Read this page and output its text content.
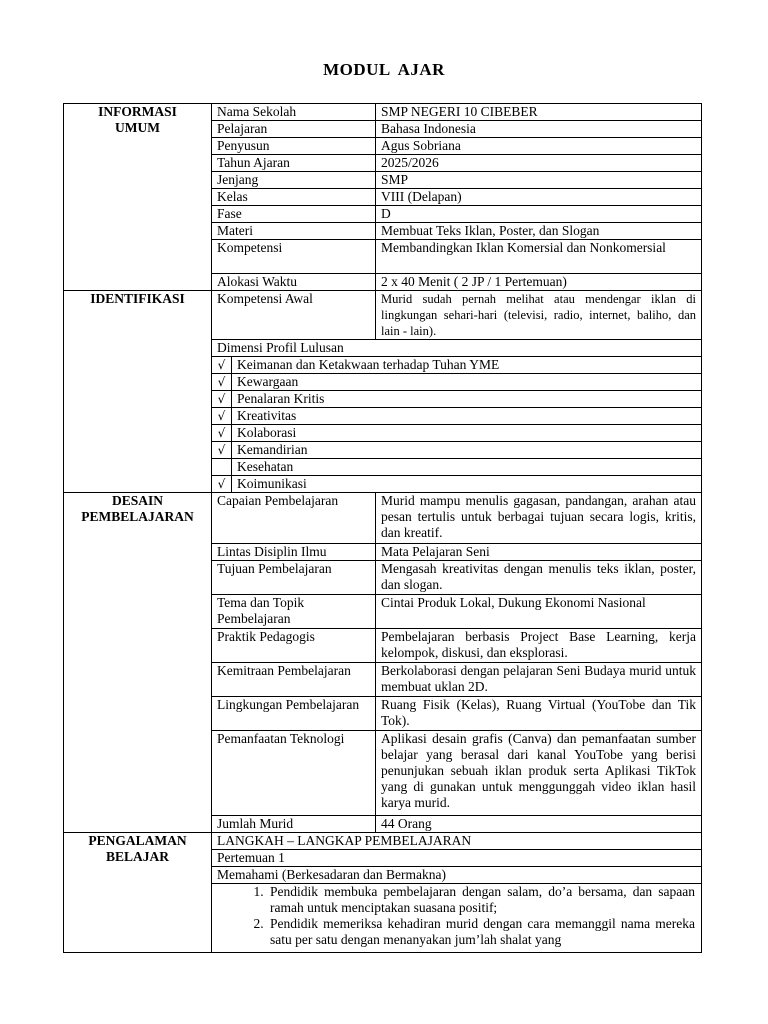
MODUL AJAR
INFORMASI
UMUM
	Nama Sekolah	SMP NEGERI 10 CIBEBER
Pelajaran	Bahasa Indonesia
Penyusun	Agus Sobriana
Tahun Ajaran	2025/2026
Jenjang	SMP
Kelas	VIII (Delapan)
Fase	D
Materi	Membuat Teks Iklan, Poster, dan Slogan
Kompetensi	Membandingkan Iklan Komersial dan Nonkomersial
Alokasi Waktu	2 x 40 Menit ( 2 JP / 1 Pertemuan)
IDENTIFIKASI	Kompetensi Awal	Murid sudah pernah melihat atau mendengar iklan di lingkungan sehari-hari (televisi, radio, internet, baliho, dan lain - lain).
Dimensi Profil Lulusan

√	Keimanan dan Ketakwaan terhadap Tuhan YME

√	Kewargaan

√	Penalaran Kritis

√	Kreativitas

√	Kolaborasi

√	Kemandirian

	Kesehatan

√	Koimunikasi

DESAIN
PEMBELAJARAN
	Capaian Pembelajaran	Murid mampu menulis gagasan, pandangan, arahan atau pesan tertulis untuk berbagai tujuan secara logis, kritis, dan kreatif.
Lintas Disiplin Ilmu	Mata Pelajaran Seni
Tujuan Pembelajaran	Mengasah kreativitas dengan menulis teks iklan, poster, dan slogan.
Tema dan Topik Pembelajaran	Cintai Produk Lokal, Dukung Ekonomi Nasional
Praktik Pedagogis	Pembelajaran berbasis Project Base Learning, kerja kelompok, diskusi, dan eksplorasi.
Kemitraan Pembelajaran	Berkolaborasi dengan pelajaran Seni Budaya murid untuk membuat uklan 2D.
Lingkungan Pembelajaran	Ruang Fisik (Kelas), Ruang Virtual (YouTobe dan Tik Tok).
Pemanfaatan Teknologi	Aplikasi desain grafis (Canva) dan pemanfaatan sumber belajar yang berasal dari kanal YouTobe yang berisi penunjukan sebuah iklan produk serta Aplikasi TikTok yang di gunakan untuk menggunggah video iklan hasil karya murid.
Jumlah Murid	44 Orang

PENGALAMAN
BELAJAR
	LANGKAH – LANGKAP PEMBELAJARAN
Pertemuan 1
Memahami (Berkesadaran dan Bermakna)

1. Pendidik membuka pembelajaran dengan salam, do’a bersama, dan sapaan ramah untuk menciptakan suasana positif;
2. Pendidik memeriksa kehadiran murid dengan cara memanggil nama mereka satu per satu dengan menanyakan jum’lah shalat yang
